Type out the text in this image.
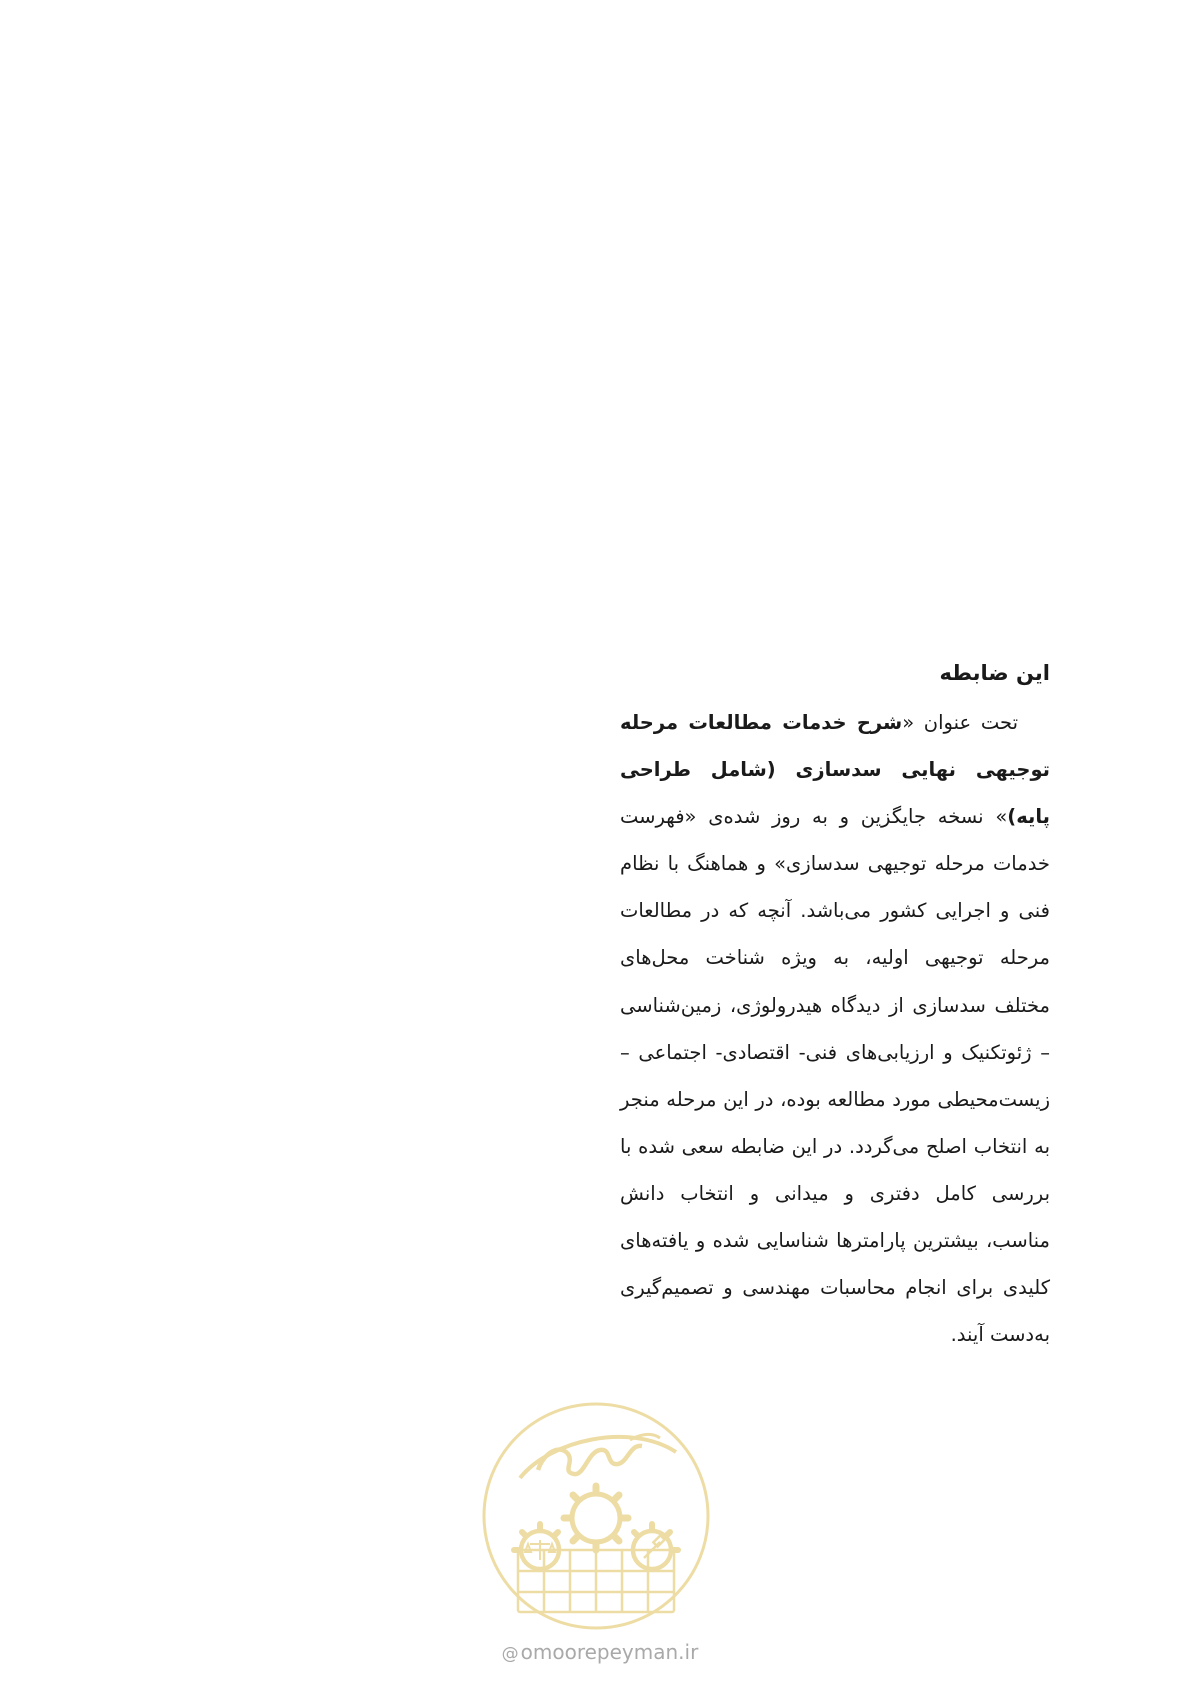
این ضابطه

تحت عنوان «شرح خدمات مطالعات مرحله توجیهی نهایی سدسازی (شامل طراحی پایه)» نسخه جایگزین و به روز شده‌ی «فهرست خدمات مرحله توجیهی سدسازی» و هماهنگ با نظام فنی و اجرایی کشور می‌باشد. آنچه که در مطالعات مرحله توجیهی اولیه، به ویژه شناخت محل‌های مختلف سدسازی از دیدگاه هیدرولوژی، زمین‌شناسی – ژئوتکنیک و ارزیابی‌های فنی- اقتصادی- اجتماعی – زیست‌محیطی مورد مطالعه بوده، در این مرحله منجر به انتخاب اصلح می‌گردد. در این ضابطه سعی شده با بررسی کامل دفتری و میدانی و انتخاب دانش مناسب، بیشترین پارامترها شناسایی شده و یافته‌های کلیدی برای انجام محاسبات مهندسی و تصمیم‌گیری به‌دست آیند.

@ omoorepeyman.ir
